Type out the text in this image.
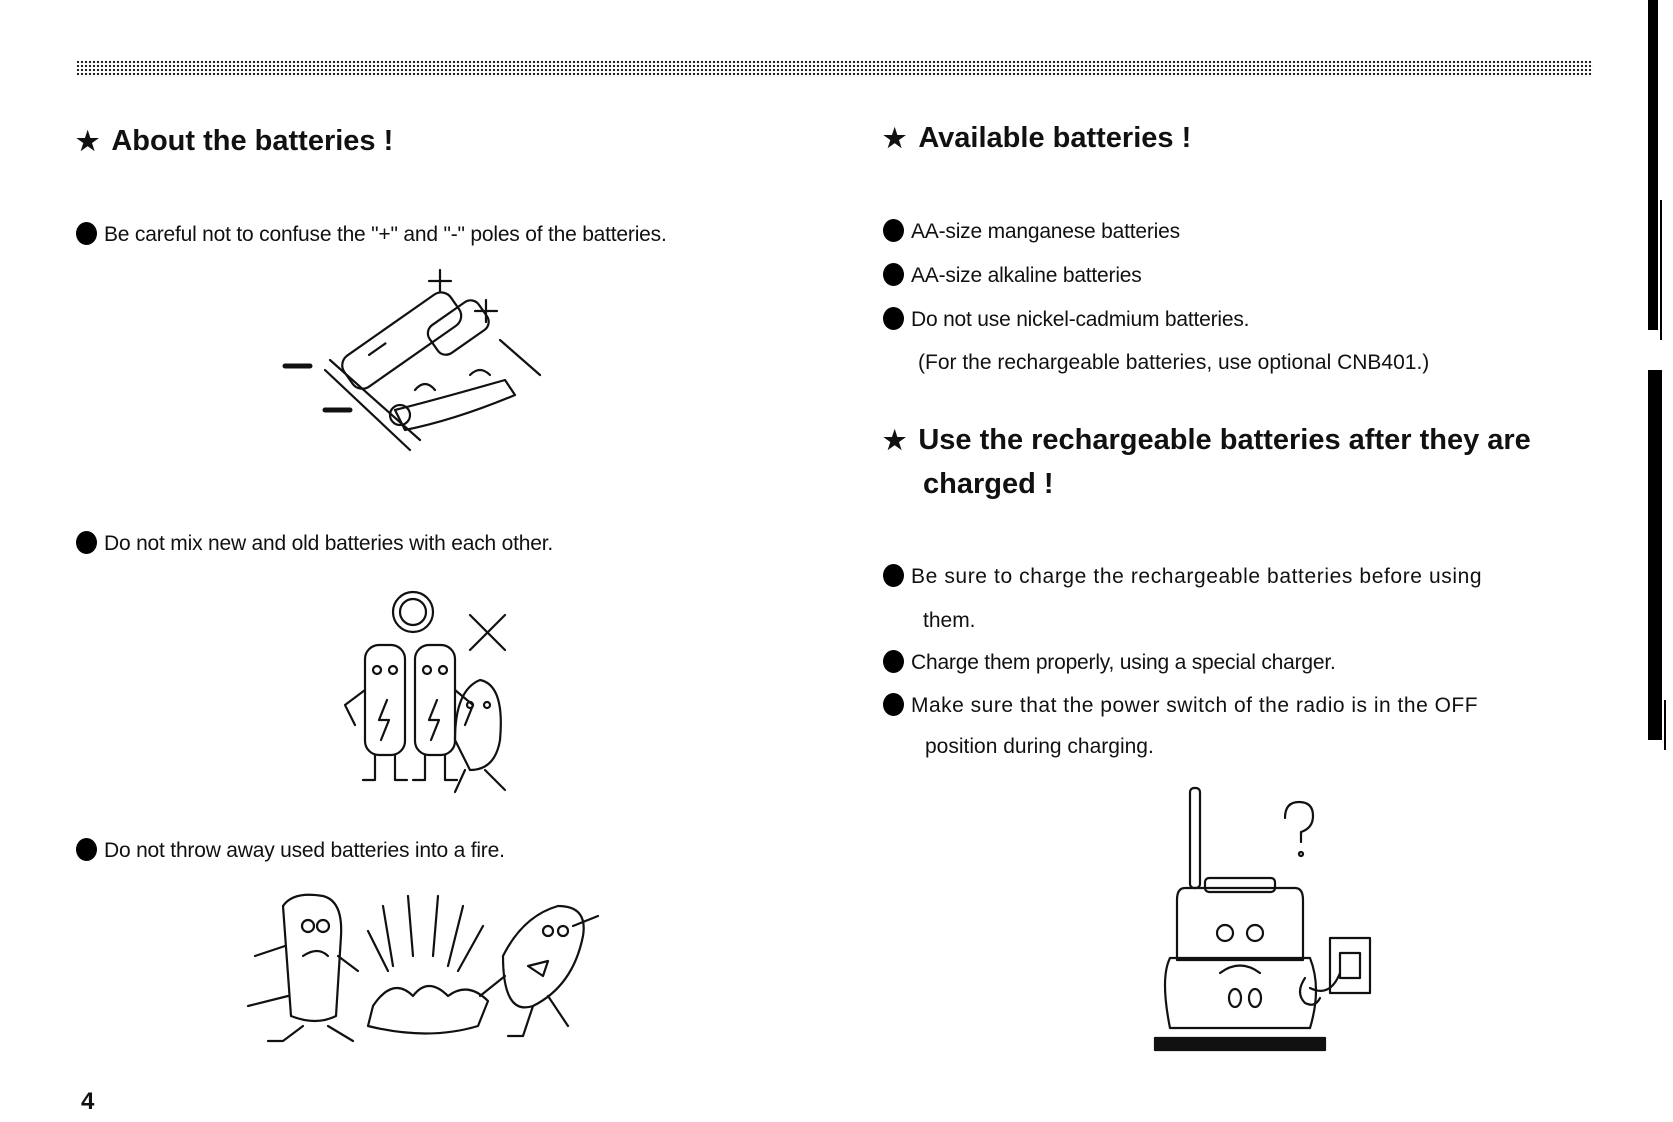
★ About the batteries !
Be careful not to confuse the "+" and "-" poles of the batteries.
Do not mix new and old batteries with each other.
Do not throw away used batteries into a fire.
4
★ Available batteries !
AA-size manganese batteries
AA-size alkaline batteries
Do not use nickel-cadmium batteries.
(For the rechargeable batteries, use optional CNB401.)
★ Use the rechargeable batteries after they are
charged !
Be sure to charge the rechargeable batteries before using
them.
Charge them properly, using a special charger.
Make sure that the power switch of the radio is in the OFF
position during charging.
